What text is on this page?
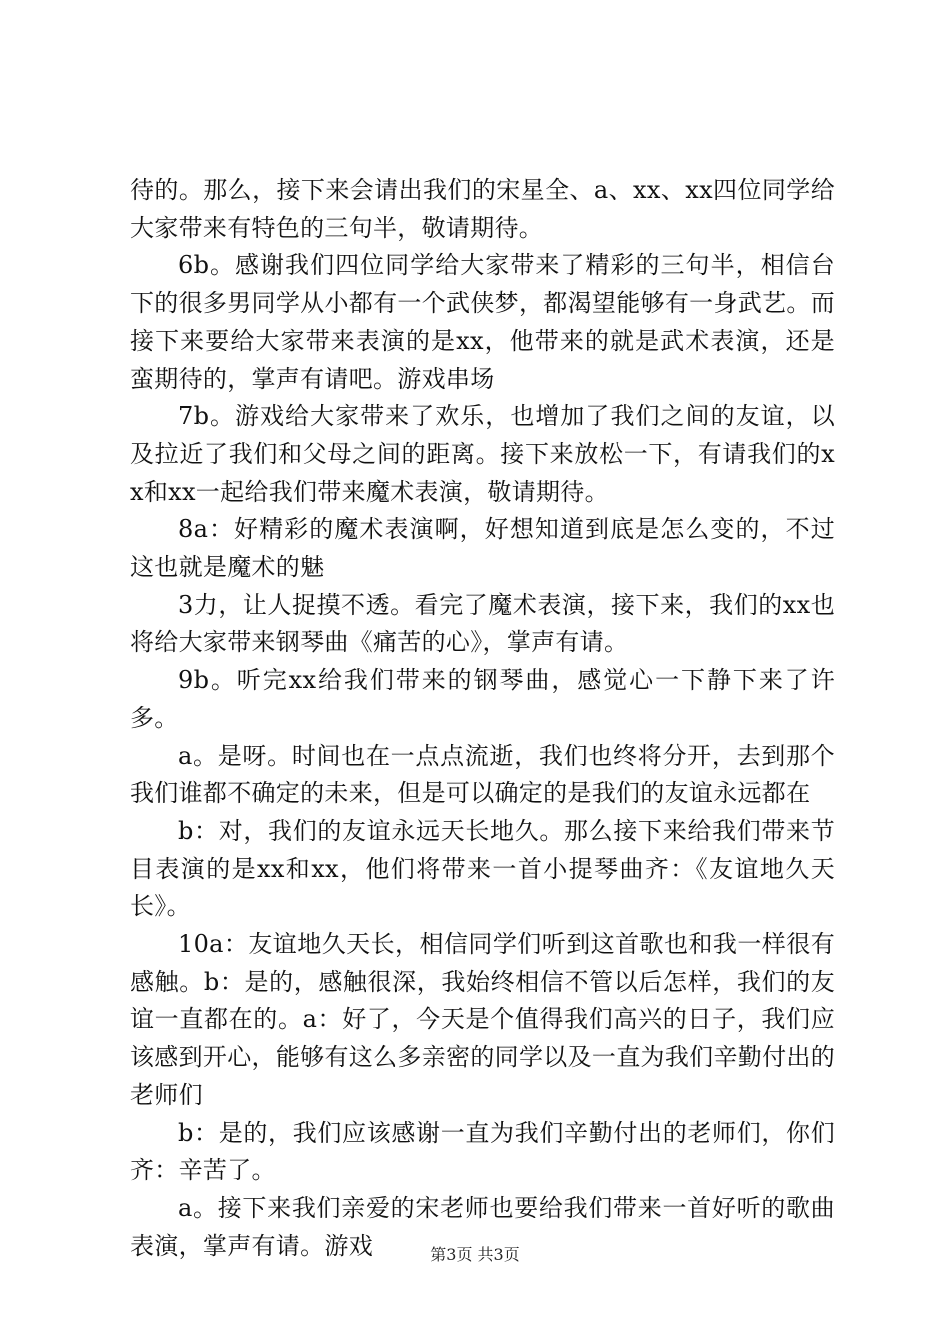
待的。那么，接下来会请出我们的宋星全、a、xx、xx四位同学给大家带来有特色的三句半，敬请期待。

6b。感谢我们四位同学给大家带来了精彩的三句半，相信台下的很多男同学从小都有一个武侠梦，都渴望能够有一身武艺。而接下来要给大家带来表演的是xx，他带来的就是武术表演，还是蛮期待的，掌声有请吧。游戏串场

7b。游戏给大家带来了欢乐，也增加了我们之间的友谊，以及拉近了我们和父母之间的距离。接下来放松一下，有请我们的xx和xx一起给我们带来魔术表演，敬请期待。

8a：好精彩的魔术表演啊，好想知道到底是怎么变的，不过这也就是魔术的魅

3力，让人捉摸不透。看完了魔术表演，接下来，我们的xx也将给大家带来钢琴曲《痛苦的心》，掌声有请。

9b。听完xx给我们带来的钢琴曲，感觉心一下静下来了许多。

a。是呀。时间也在一点点流逝，我们也终将分开，去到那个我们谁都不确定的未来，但是可以确定的是我们的友谊永远都在

b：对，我们的友谊永远天长地久。那么接下来给我们带来节目表演的是xx和xx，他们将带来一首小提琴曲齐：《友谊地久天长》。

10a：友谊地久天长，相信同学们听到这首歌也和我一样很有感触。b：是的，感触很深，我始终相信不管以后怎样，我们的友谊一直都在的。a：好了，今天是个值得我们高兴的日子，我们应该感到开心，能够有这么多亲密的同学以及一直为我们辛勤付出的老师们

b：是的，我们应该感谢一直为我们辛勤付出的老师们，你们齐：辛苦了。

a。接下来我们亲爱的宋老师也要给我们带来一首好听的歌曲表演，掌声有请。游戏	第3页 共3页
